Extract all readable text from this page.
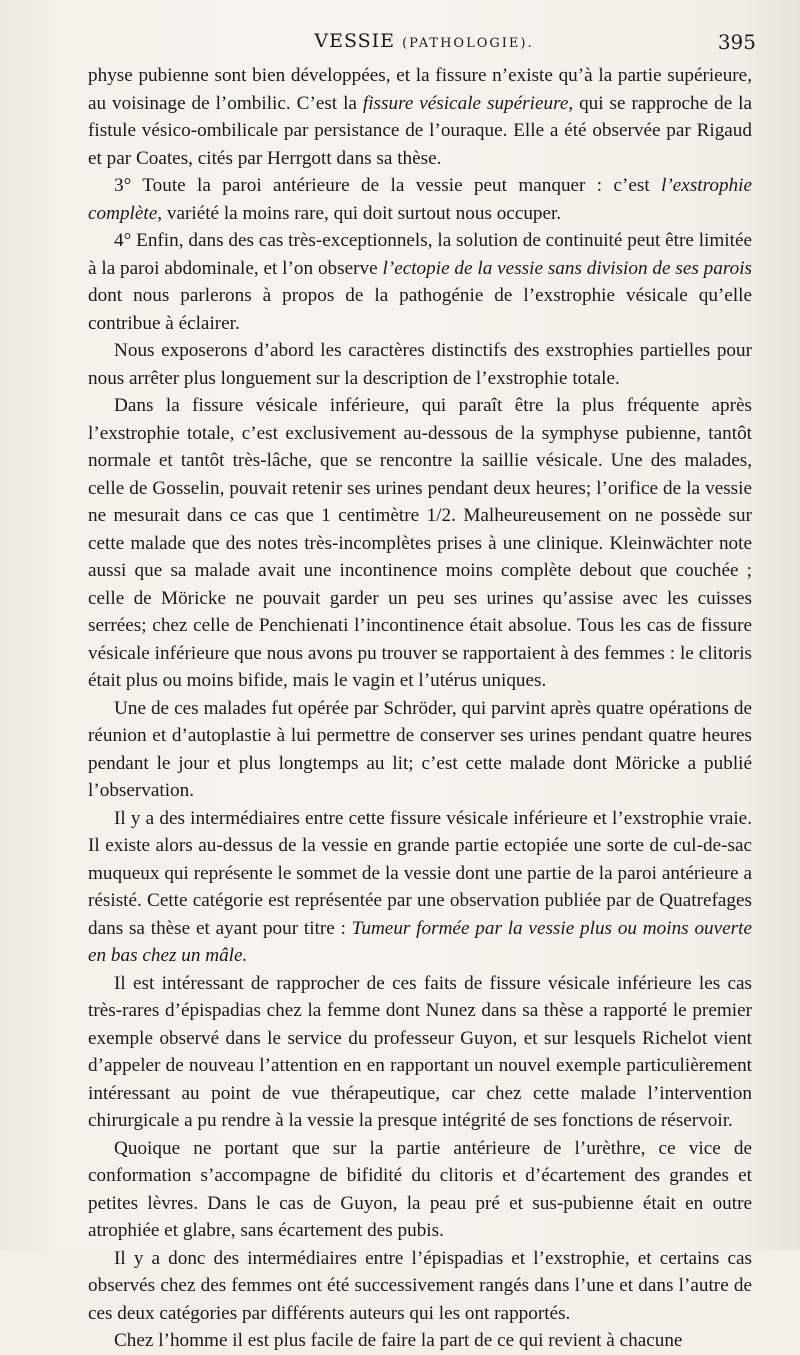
VESSIE (PATHOLOGIE).	395

physe pubienne sont bien développées, et la fissure n’existe qu’à la partie supérieure, au voisinage de l’ombilic. C’est la fissure vésicale supérieure, qui se rapproche de la fistule vésico-ombilicale par persistance de l’ouraque. Elle a été observée par Rigaud et par Coates, cités par Herrgott dans sa thèse.

3° Toute la paroi antérieure de la vessie peut manquer : c’est l’exstrophie complète, variété la moins rare, qui doit surtout nous occuper.

4° Enfin, dans des cas très-exceptionnels, la solution de continuité peut être limitée à la paroi abdominale, et l’on observe l’ectopie de la vessie sans division de ses parois dont nous parlerons à propos de la pathogénie de l’exstrophie vésicale qu’elle contribue à éclairer.

Nous exposerons d’abord les caractères distinctifs des exstrophies partielles pour nous arrêter plus longuement sur la description de l’exstrophie totale.

Dans la fissure vésicale inférieure, qui paraît être la plus fréquente après l’exstrophie totale, c’est exclusivement au-dessous de la symphyse pubienne, tantôt normale et tantôt très-lâche, que se rencontre la saillie vésicale. Une des malades, celle de Gosselin, pouvait retenir ses urines pendant deux heures; l’orifice de la vessie ne mesurait dans ce cas que 1 centimètre 1/2. Malheureusement on ne possède sur cette malade que des notes très-incomplètes prises à une clinique. Kleinwächter note aussi que sa malade avait une incontinence moins complète debout que couchée ; celle de Möricke ne pouvait garder un peu ses urines qu’assise avec les cuisses serrées; chez celle de Penchienati l’incontinence était absolue. Tous les cas de fissure vésicale inférieure que nous avons pu trouver se rapportaient à des femmes : le clitoris était plus ou moins bifide, mais le vagin et l’utérus uniques.

Une de ces malades fut opérée par Schröder, qui parvint après quatre opérations de réunion et d’autoplastie à lui permettre de conserver ses urines pendant quatre heures pendant le jour et plus longtemps au lit; c’est cette malade dont Möricke a publié l’observation.

Il y a des intermédiaires entre cette fissure vésicale inférieure et l’exstrophie vraie. Il existe alors au-dessus de la vessie en grande partie ectopiée une sorte de cul-de-sac muqueux qui représente le sommet de la vessie dont une partie de la paroi antérieure a résisté. Cette catégorie est représentée par une observation publiée par de Quatrefages dans sa thèse et ayant pour titre : Tumeur formée par la vessie plus ou moins ouverte en bas chez un mâle.

Il est intéressant de rapprocher de ces faits de fissure vésicale inférieure les cas très-rares d’épispadias chez la femme dont Nunez dans sa thèse a rapporté le premier exemple observé dans le service du professeur Guyon, et sur lesquels Richelot vient d’appeler de nouveau l’attention en en rapportant un nouvel exemple particulièrement intéressant au point de vue thérapeutique, car chez cette malade l’intervention chirurgicale a pu rendre à la vessie la presque intégrité de ses fonctions de réservoir.

Quoique ne portant que sur la partie antérieure de l’urèthre, ce vice de conformation s’accompagne de bifidité du clitoris et d’écartement des grandes et petites lèvres. Dans le cas de Guyon, la peau pré et sus-pubienne était en outre atrophiée et glabre, sans écartement des pubis.

Il y a donc des intermédiaires entre l’épispadias et l’exstrophie, et certains cas observés chez des femmes ont été successivement rangés dans l’une et dans l’autre de ces deux catégories par différents auteurs qui les ont rapportés.

Chez l’homme il est plus facile de faire la part de ce qui revient à chacune
